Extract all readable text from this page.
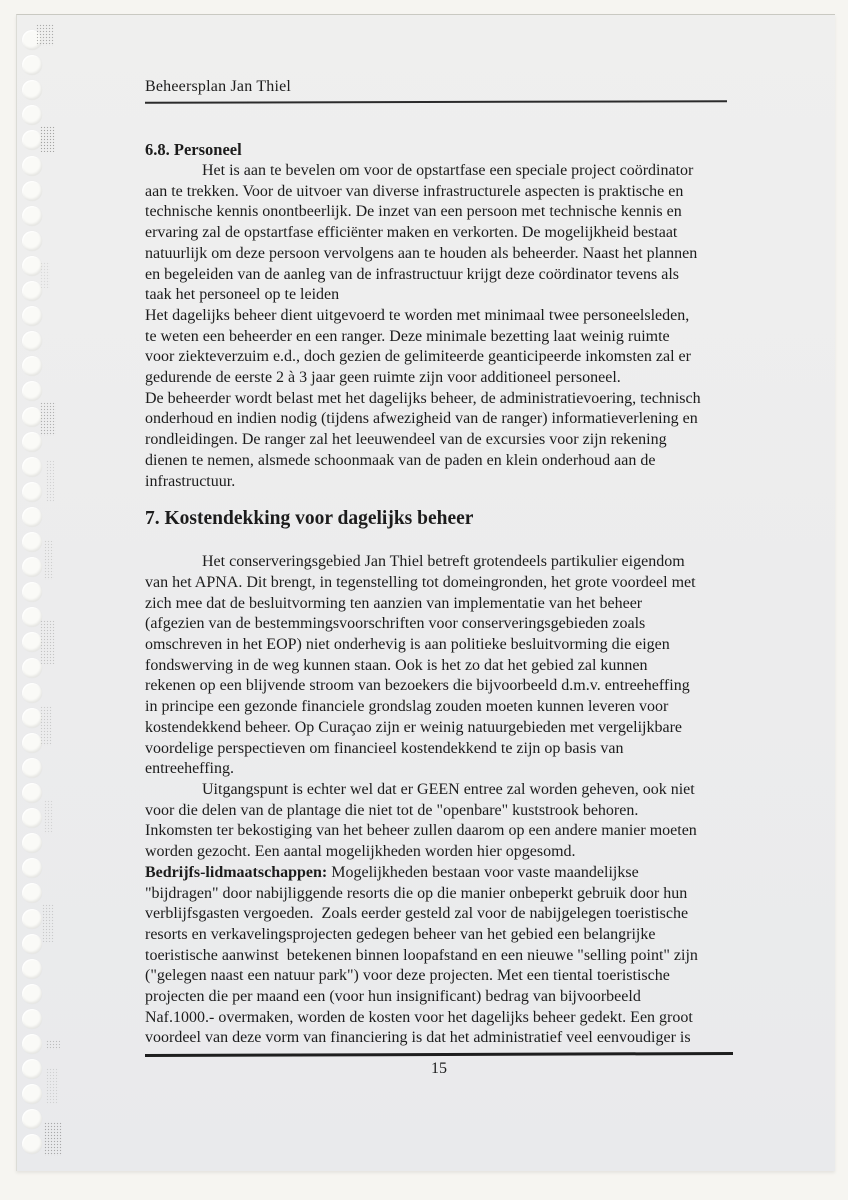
Beheersplan Jan Thiel
6.8. Personeel
Het is aan te bevelen om voor de opstartfase een speciale project coördinator
aan te trekken. Voor de uitvoer van diverse infrastructurele aspecten is praktische en
technische kennis onontbeerlijk. De inzet van een persoon met technische kennis en
ervaring zal de opstartfase efficiënter maken en verkorten. De mogelijkheid bestaat
natuurlijk om deze persoon vervolgens aan te houden als beheerder. Naast het plannen
en begeleiden van de aanleg van de infrastructuur krijgt deze coördinator tevens als
taak het personeel op te leiden
Het dagelijks beheer dient uitgevoerd te worden met minimaal twee personeelsleden,
te weten een beheerder en een ranger. Deze minimale bezetting laat weinig ruimte
voor ziekteverzuim e.d., doch gezien de gelimiteerde geanticipeerde inkomsten zal er
gedurende de eerste 2 à 3 jaar geen ruimte zijn voor additioneel personeel.
De beheerder wordt belast met het dagelijks beheer, de administratievoering, technisch
onderhoud en indien nodig (tijdens afwezigheid van de ranger) informatieverlening en
rondleidingen. De ranger zal het leeuwendeel van de excursies voor zijn rekening
dienen te nemen, alsmede schoonmaak van de paden en klein onderhoud aan de
infrastructuur.
7. Kostendekking voor dagelijks beheer
Het conserveringsgebied Jan Thiel betreft grotendeels partikulier eigendom
van het APNA. Dit brengt, in tegenstelling tot domeingronden, het grote voordeel met
zich mee dat de besluitvorming ten aanzien van implementatie van het beheer
(afgezien van de bestemmingsvoorschriften voor conserveringsgebieden zoals
omschreven in het EOP) niet onderhevig is aan politieke besluitvorming die eigen
fondswerving in de weg kunnen staan. Ook is het zo dat het gebied zal kunnen
rekenen op een blijvende stroom van bezoekers die bijvoorbeeld d.m.v. entreeheffing
in principe een gezonde financiele grondslag zouden moeten kunnen leveren voor
kostendekkend beheer. Op Curaçao zijn er weinig natuurgebieden met vergelijkbare
voordelige perspectieven om financieel kostendekkend te zijn op basis van
entreeheffing.
Uitgangspunt is echter wel dat er GEEN entree zal worden geheven, ook niet
voor die delen van de plantage die niet tot de "openbare" kuststrook behoren.
Inkomsten ter bekostiging van het beheer zullen daarom op een andere manier moeten
worden gezocht. Een aantal mogelijkheden worden hier opgesomd.
Bedrijfs-lidmaatschappen: Mogelijkheden bestaan voor vaste maandelijkse
"bijdragen" door nabijliggende resorts die op die manier onbeperkt gebruik door hun
verblijfsgasten vergoeden.  Zoals eerder gesteld zal voor de nabijgelegen toeristische
resorts en verkavelingsprojecten gedegen beheer van het gebied een belangrijke
toeristische aanwinst  betekenen binnen loopafstand en een nieuwe "selling point" zijn
("gelegen naast een natuur park") voor deze projecten. Met een tiental toeristische
projecten die per maand een (voor hun insignificant) bedrag van bijvoorbeeld
Naf.1000.- overmaken, worden de kosten voor het dagelijks beheer gedekt. Een groot
voordeel van deze vorm van financiering is dat het administratief veel eenvoudiger is
15
